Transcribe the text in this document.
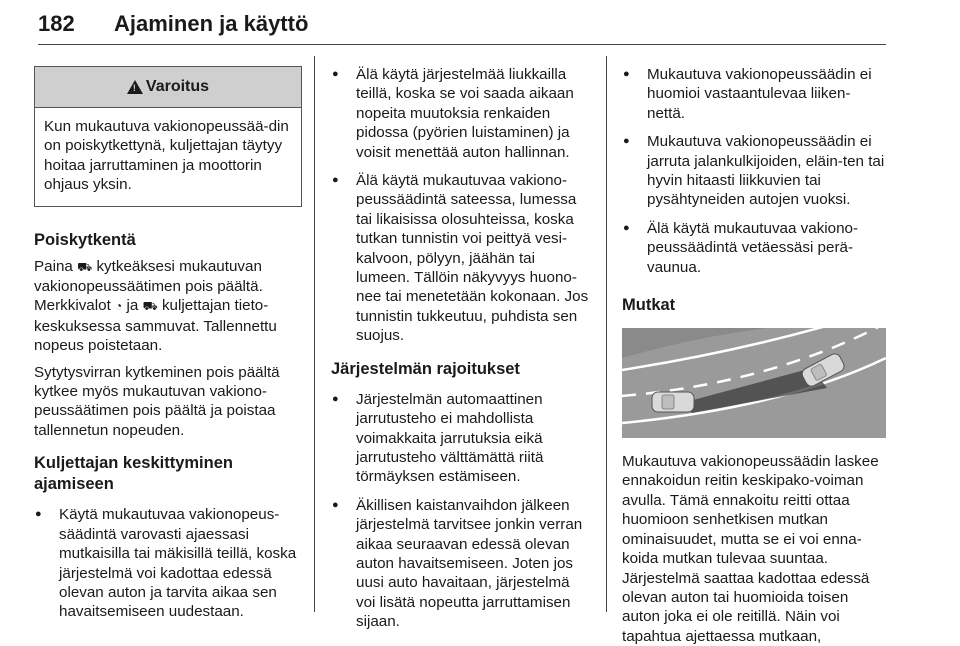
182 Ajaminen ja käyttö
! Varoitus
Kun mukautuva vakionopeussää-din on poiskytkettynä, kuljettajan täytyy hoitaa jarruttaminen ja moottorin ohjaus yksin.
Poiskytkentä

Paina ⛟ kytkeäksesi mukautuvan vakionopeussäätimen pois päältä. Merkkivalot ◔ ja ⛟ kuljettajan tieto-keskuksessa sammuvat. Tallennettu nopeus poistetaan.

Sytytysvirran kytkeminen pois päältä kytkee myös mukautuvan vakiono-peussäätimen pois päältä ja poistaa tallennetun nopeuden.

Kuljettajan keskittyminen ajamiseen
● Käytä mukautuvaa vakionopeus-säädintä varovasti ajaessasi mutkaisilla tai mäkisillä teillä, koska järjestelmä voi kadottaa edessä olevan auton ja tarvita aikaa sen havaitsemiseen uudestaan.
● Älä käytä järjestelmää liukkailla teillä, koska se voi saada aikaan nopeita muutoksia renkaiden pidossa (pyörien luistaminen) ja voisit menettää auton hallinnan.
● Älä käytä mukautuvaa vakiono-peussäädintä sateessa, lumessa tai likaisissa olosuhteissa, koska tutkan tunnistin voi peittyä vesi-kalvoon, pölyyn, jäähän tai lumeen. Tällöin näkyvyys huono-nee tai menetetään kokonaan. Jos tunnistin tukkeutuu, puhdista sen suojus.
Järjestelmän rajoitukset
● Järjestelmän automaattinen jarrutusteho ei mahdollista voimakkaita jarrutuksia eikä jarrutusteho välttämättä riitä törmäyksen estämiseen.
● Äkillisen kaistanvaihdon jälkeen järjestelmä tarvitsee jonkin verran aikaa seuraavan edessä olevan auton havaitsemiseen. Joten jos uusi auto havaitaan, järjestelmä voi lisätä nopeutta jarruttamisen sijaan.
● Mukautuva vakionopeussäädin ei huomioi vastaantulevaa liiken-nettä.
● Mukautuva vakionopeussäädin ei jarruta jalankulkijoiden, eläin-ten tai hyvin hitaasti liikkuvien tai pysähtyneiden autojen vuoksi.
● Älä käytä mukautuvaa vakiono-peussäädintä vetäessäsi perä-vaunua.
Mutkat

Mukautuva vakionopeussäädin laskee ennakoidun reitin keskipako-voiman avulla. Tämä ennakoitu reitti ottaa huomioon senhetkisen mutkan ominaisuudet, mutta se ei voi enna-koida mutkan tulevaa suuntaa. Järjestelmä saattaa kadottaa edessä olevan auton tai huomioida toisen auton joka ei ole reitillä. Näin voi tapahtua ajettaessa mutkaan,
